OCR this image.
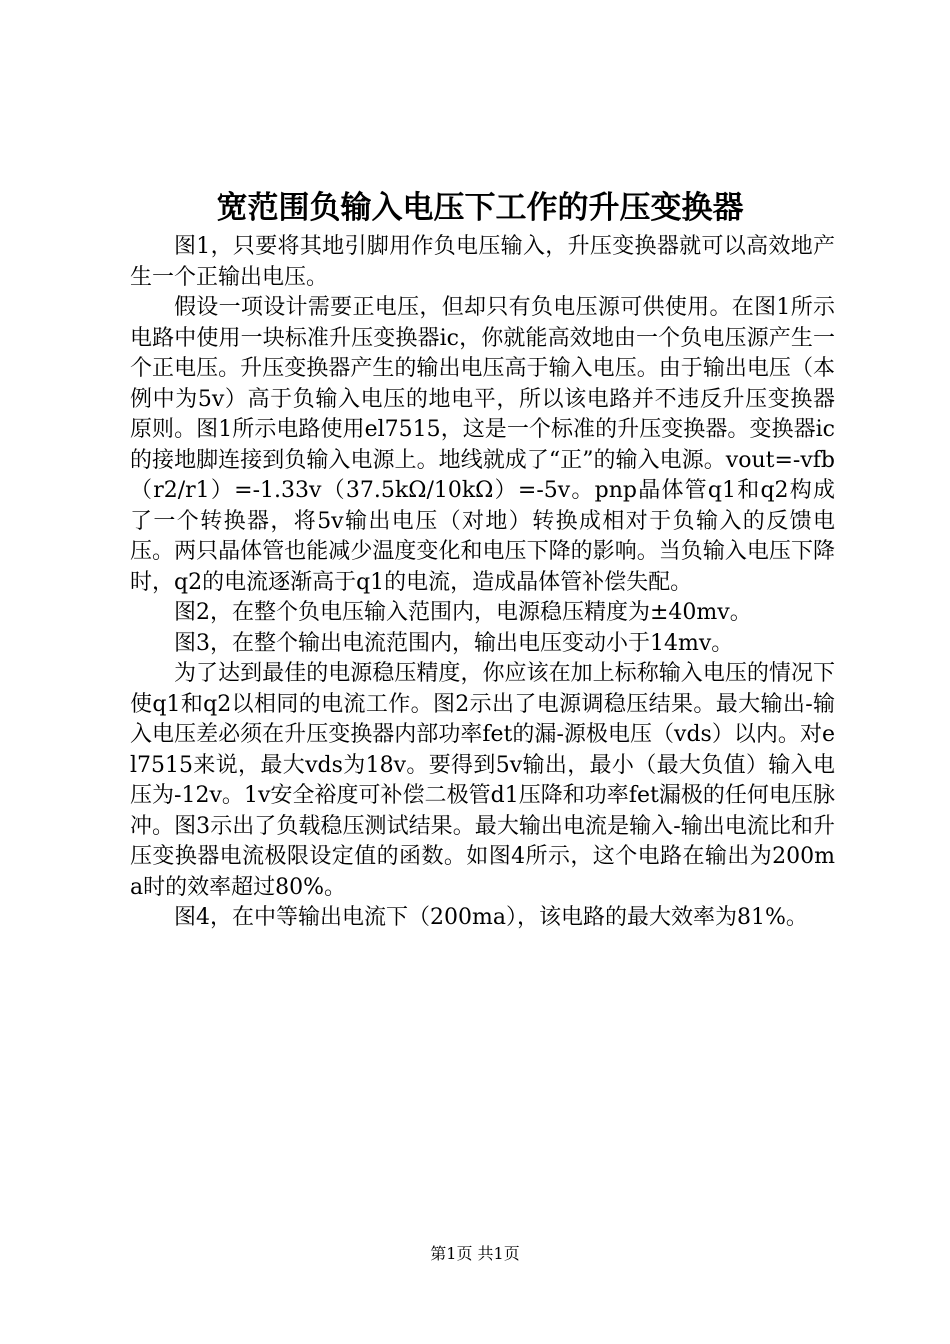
宽范围负输入电压下工作的升压变换器

图1，只要将其地引脚用作负电压输入，升压变换器就可以高效地产生一个正输出电压。

假设一项设计需要正电压，但却只有负电压源可供使用。在图1所示电路中使用一块标准升压变换器ic，你就能高效地由一个负电压源产生一个正电压。升压变换器产生的输出电压高于输入电压。由于输出电压（本例中为5v）高于负输入电压的地电平，所以该电路并不违反升压变换器原则。图1所示电路使用el7515，这是一个标准的升压变换器。变换器ic的接地脚连接到负输入电源上。地线就成了“正”的输入电源。vout=-vfb（r2/r1）=-1.33v（37.5kΩ/10kΩ）=-5v。pnp晶体管q1和q2构成了一个转换器，将5v输出电压（对地）转换成相对于负输入的反馈电压。两只晶体管也能减少温度变化和电压下降的影响。当负输入电压下降时，q2的电流逐渐高于q1的电流，造成晶体管补偿失配。

图2，在整个负电压输入范围内，电源稳压精度为±40mv。

图3，在整个输出电流范围内，输出电压变动小于14mv。

为了达到最佳的电源稳压精度，你应该在加上标称输入电压的情况下使q1和q2以相同的电流工作。图2示出了电源调稳压结果。最大输出-输入电压差必须在升压变换器内部功率fet的漏-源极电压（vds）以内。对el7515来说，最大vds为18v。要得到5v输出，最小（最大负值）输入电压为-12v。1v安全裕度可补偿二极管d1压降和功率fet漏极的任何电压脉冲。图3示出了负载稳压测试结果。最大输出电流是输入-输出电流比和升压变换器电流极限设定值的函数。如图4所示，这个电路在输出为200ma时的效率超过80%。

图4，在中等输出电流下（200ma），该电路的最大效率为81%。

第1页 共1页
